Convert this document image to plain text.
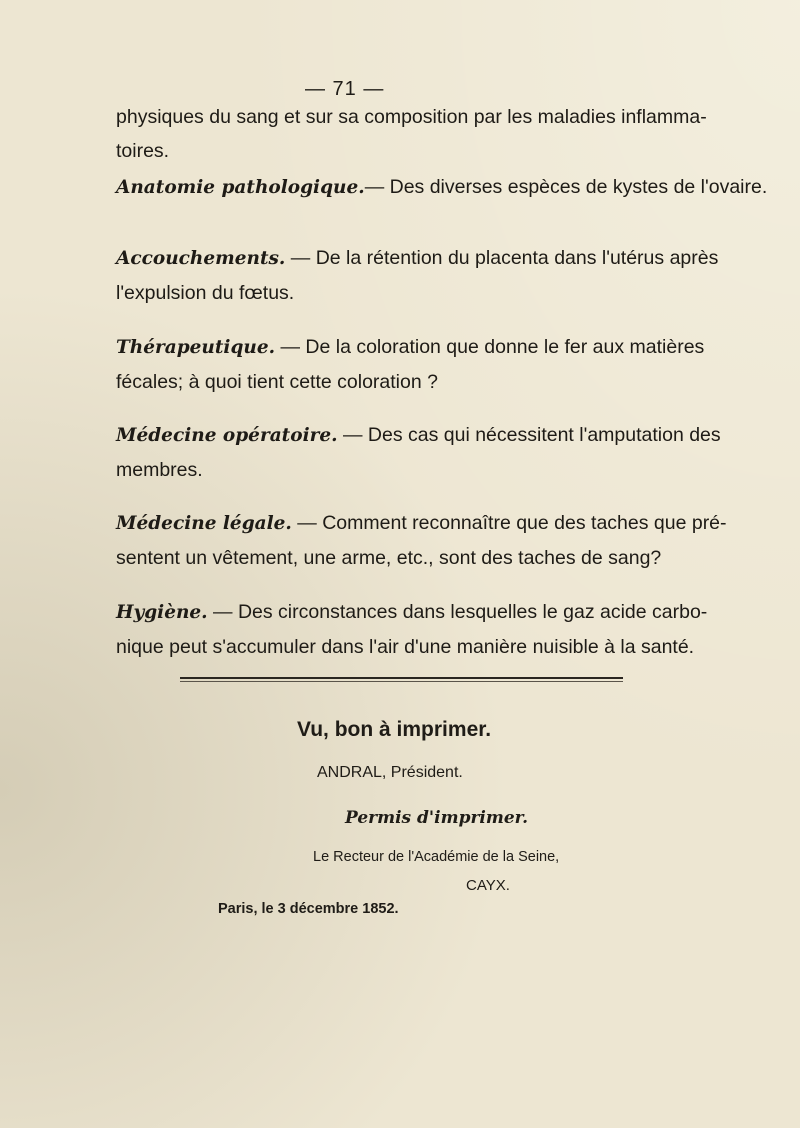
— 71 —
physiques du sang et sur sa composition par les maladies inflamma-
toires.
Anatomie pathologique.— Des diverses espèces de kystes de l'ovaire.
Accouchements. — De la rétention du placenta dans l'utérus après
l'expulsion du fœtus.
Thérapeutique. — De la coloration que donne le fer aux matières
fécales; à quoi tient cette coloration ?
Médecine opératoire. — Des cas qui nécessitent l'amputation des
membres.
Médecine légale. — Comment reconnaître que des taches que pré-
sentent un vêtement, une arme, etc., sont des taches de sang?
Hygiène. — Des circonstances dans lesquelles le gaz acide carbo-
nique peut s'accumuler dans l'air d'une manière nuisible à la santé.
Vu, bon à imprimer.
ANDRAL, Président.
Permis d'imprimer.
Le Recteur de l'Académie de la Seine,
CAYX.
Paris, le 3 décembre 1852.
